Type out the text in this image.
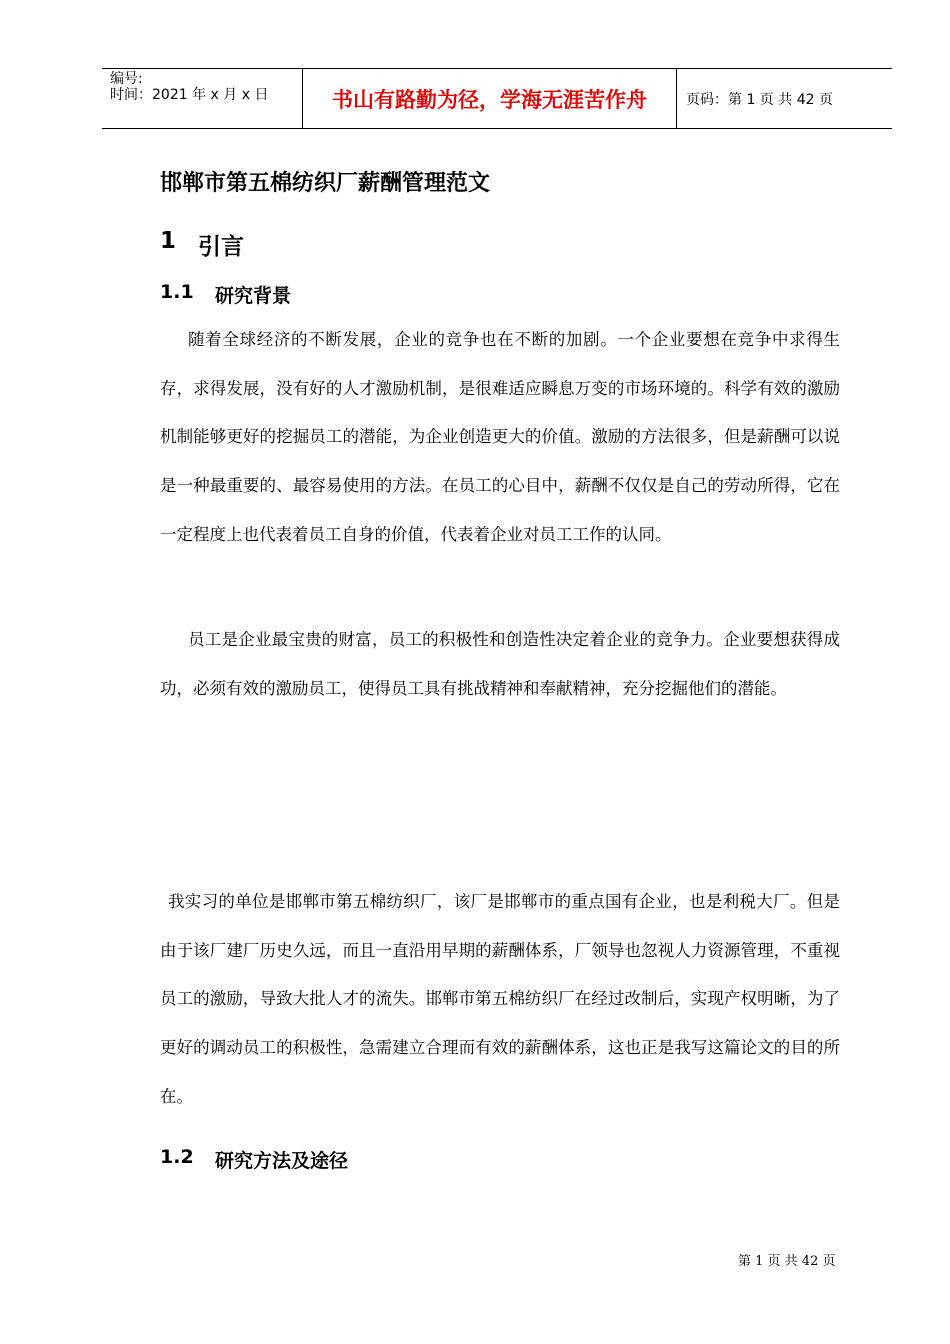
编号:
时间：2021 年 x 月 x 日	书山有路勤为径，学海无涯苦作舟	页码：第 1 页 共 42 页
邯郸市第五棉纺织厂薪酬管理范文
1 引言
1.1	研究背景

随着全球经济的不断发展，企业的竞争也在不断的加剧。一个企业要想在竞争中求得生存，求得发展，没有好的人才激励机制，是很难适应瞬息万变的市场环境的。科学有效的激励机制能够更好的挖掘员工的潜能，为企业创造更大的价值。激励的方法很多，但是薪酬可以说是一种最重要的、最容易使用的方法。在员工的心目中，薪酬不仅仅是自己的劳动所得，它在一定程度上也代表着员工自身的价值，代表着企业对员工工作的认同。

员工是企业最宝贵的财富，员工的积极性和创造性决定着企业的竞争力。企业要想获得成功，必须有效的激励员工，使得员工具有挑战精神和奉献精神，充分挖掘他们的潜能。

我实习的单位是邯郸市第五棉纺织厂，该厂是邯郸市的重点国有企业，也是利税大厂。但是由于该厂建厂历史久远，而且一直沿用早期的薪酬体系，厂领导也忽视人力资源管理，不重视员工的激励，导致大批人才的流失。邯郸市第五棉纺织厂在经过改制后，实现产权明晰，为了更好的调动员工的积极性，急需建立合理而有效的薪酬体系，这也正是我写这篇论文的目的所在。

1.2	研究方法及途径
第 1 页 共 42 页
